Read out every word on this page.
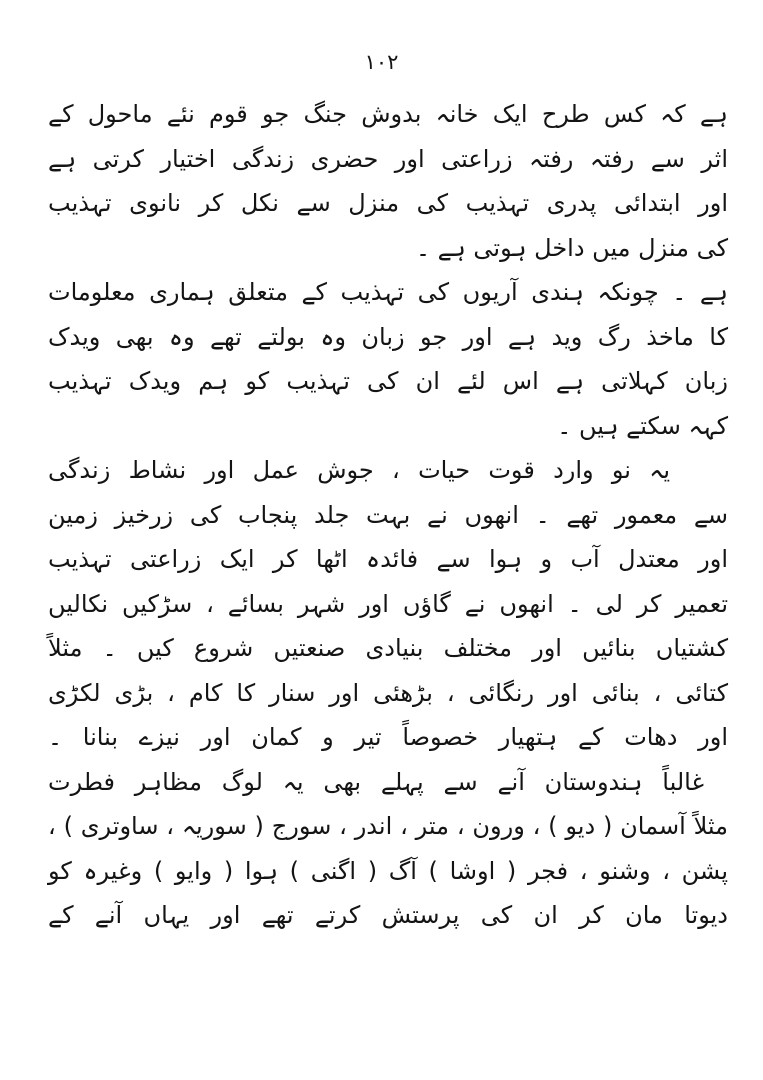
۱۰۲
ہے کہ کس طرح ایک خانہ بدوش جنگ جو قوم نئے ماحول کے
اثر سے رفتہ رفتہ زراعتی اور حضری زندگی اختیار کرتی ہے
اور ابتدائی پدری تہذیب کی منزل سے نکل کر نانوی تہذیب
کی منزل میں داخل ہوتی ہے ۔
ہے ۔ چونکہ ہندی آریوں کی تہذیب کے متعلق ہماری معلومات
کا ماخذ رگ وید ہے اور جو زبان وہ بولتے تھے وہ بھی ویدک
زبان کہلاتی ہے اس لئے ان کی تہذیب کو ہم ویدک تہذیب
کہہ سکتے ہیں ۔
یہ نو وارد قوت حیات ، جوش عمل اور نشاط زندگی
سے معمور تھے ۔ انھوں نے بہت جلد پنجاب کی زرخیز زمین
اور معتدل آب و ہوا سے فائدہ اٹھا کر ایک زراعتی تہذیب
تعمیر کر لی ۔ انھوں نے گاؤں اور شہر بسائے ، سڑکیں نکالیں
کشتیاں بنائیں اور مختلف بنیادی صنعتیں شروع کیں ۔ مثلاً
کتائی ، بنائی اور رنگائی ، بڑھئی اور سنار کا کام ، بڑی لکڑی
اور دھات کے ہتھیار خصوصاً تیر و کمان اور نیزے بنانا ۔
غالباً ہندوستان آنے سے پہلے بھی یہ لوگ مظاہر فطرت
مثلاً آسمان ( دیو ) ، ورون ، متر ، اندر ، سورج ( سوریہ ، ساوتری ) ،
پشن ، وشنو ، فجر ( اوشا ) آگ ( اگنی ) ہوا ( وایو ) وغیرہ کو
دیوتا مان کر ان کی پرستش کرتے تھے اور یہاں آنے کے
